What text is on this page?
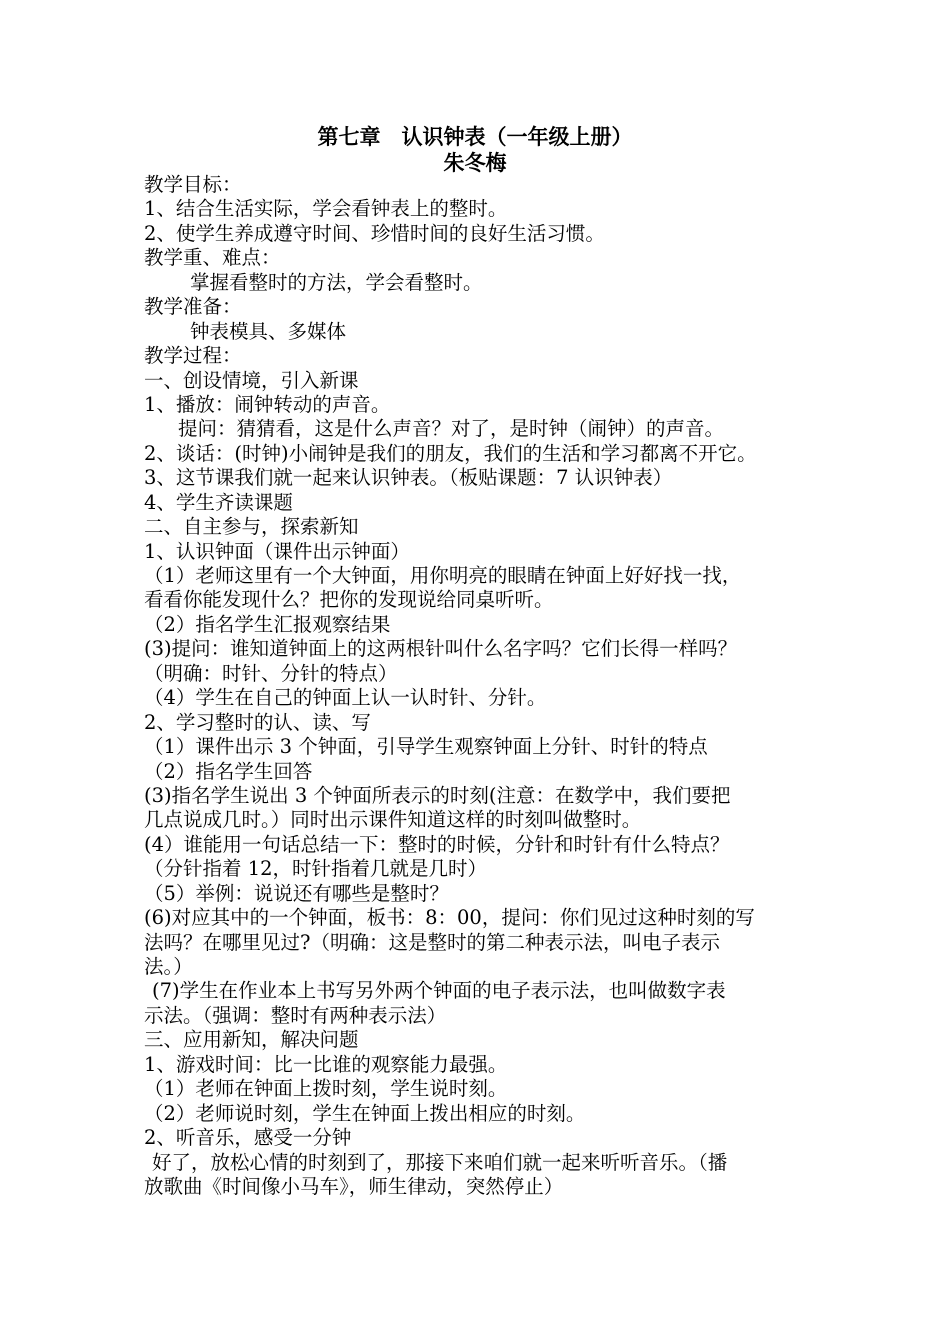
第七章　认识钟表（一年级上册）
朱冬梅
教学目标：
1、结合生活实际，学会看钟表上的整时。
2、使学生养成遵守时间、珍惜时间的良好生活习惯。
教学重、难点：
掌握看整时的方法，学会看整时。
教学准备：
钟表模具、多媒体
教学过程：
一、创设情境，引入新课
1、播放：闹钟转动的声音。
提问：猜猜看，这是什么声音？对了，是时钟（闹钟）的声音。
2、谈话：(时钟)小闹钟是我们的朋友，我们的生活和学习都离不开它。
3、这节课我们就一起来认识钟表。（板贴课题：7 认识钟表）
4、学生齐读课题
二、自主参与，探索新知
1、认识钟面（课件出示钟面）
（1）老师这里有一个大钟面，用你明亮的眼睛在钟面上好好找一找，
看看你能发现什么？把你的发现说给同桌听听。
（2）指名学生汇报观察结果
(3)提问：谁知道钟面上的这两根针叫什么名字吗？它们长得一样吗？
（明确：时针、分针的特点）
（4）学生在自己的钟面上认一认时针、分针。
2、学习整时的认、读、写
（1）课件出示 3 个钟面，引导学生观察钟面上分针、时针的特点
（2）指名学生回答
(3)指名学生说出 3 个钟面所表示的时刻(注意：在数学中，我们要把
几点说成几时。）同时出示课件知道这样的时刻叫做整时。
(4）谁能用一句话总结一下：整时的时候，分针和时针有什么特点？
（分针指着 12，时针指着几就是几时）
（5）举例：说说还有哪些是整时？
(6)对应其中的一个钟面，板书：8：00，提问：你们见过这种时刻的写
法吗？在哪里见过?（明确：这是整时的第二种表示法，叫电子表示
法。）
(7)学生在作业本上书写另外两个钟面的电子表示法，也叫做数字表
示法。（强调：整时有两种表示法）
三、应用新知，解决问题
1、游戏时间：比一比谁的观察能力最强。
（1）老师在钟面上拨时刻，学生说时刻。
（2）老师说时刻，学生在钟面上拨出相应的时刻。
2、听音乐，感受一分钟
好了，放松心情的时刻到了，那接下来咱们就一起来听听音乐。（播
放歌曲《时间像小马车》，师生律动，突然停止）
